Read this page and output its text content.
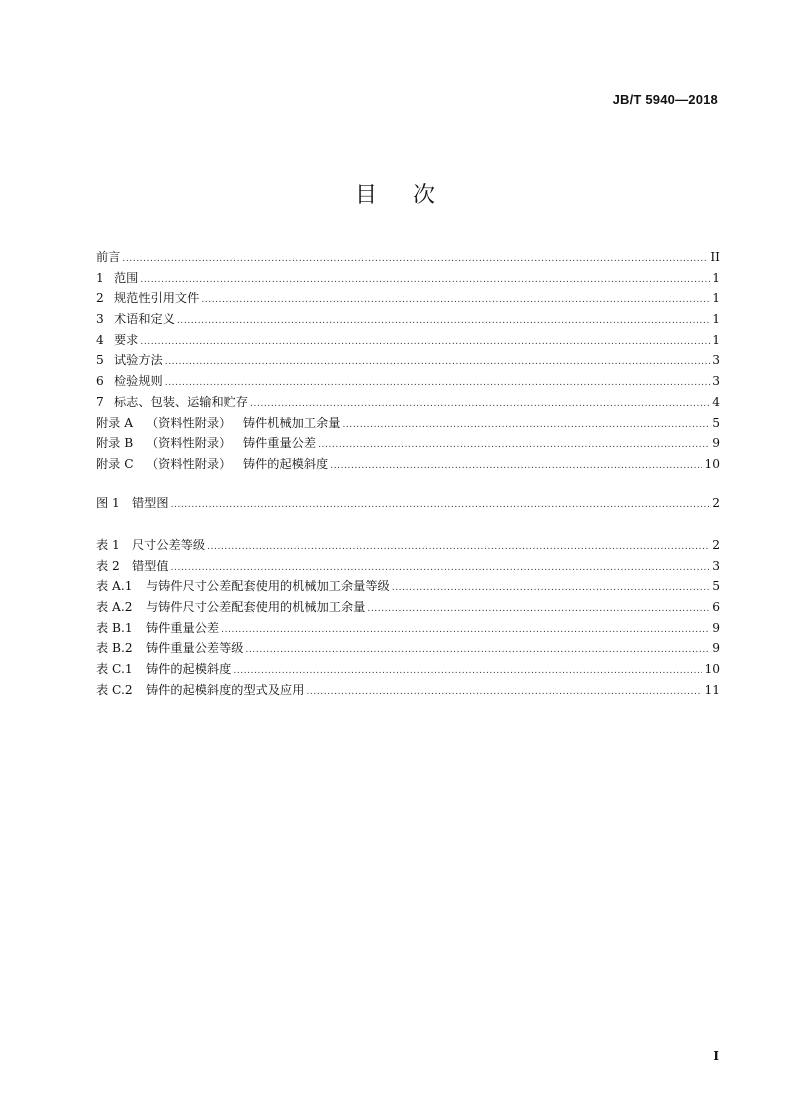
JB/T 5940—2018
目 次
前言 .....	II
1 范围 .....	1
2 规范性引用文件 .....	1
3 术语和定义 .....	1
4 要求 .....	1
5 试验方法 .....	3
6 检验规则 .....	3
7 标志、包装、运输和贮存 .....	4
附录 A	（资料性附录）   铸件机械加工余量 .....	5
附录 B	（资料性附录）   铸件重量公差 .....	9
附录 C	（资料性附录）   铸件的起模斜度 .....	10
图 1 错型图 .....	2
表 1 尺寸公差等级 .....	2
表 2 错型值 .....	3
表 A.1	与铸件尺寸公差配套使用的机械加工余量等级 .....	5
表 A.2	与铸件尺寸公差配套使用的机械加工余量 .....	6
表 B.1	铸件重量公差 .....	9
表 B.2	铸件重量公差等级 .....	9
表 C.1	铸件的起模斜度 .....	10
表 C.2	铸件的起模斜度的型式及应用 .....	11
I
